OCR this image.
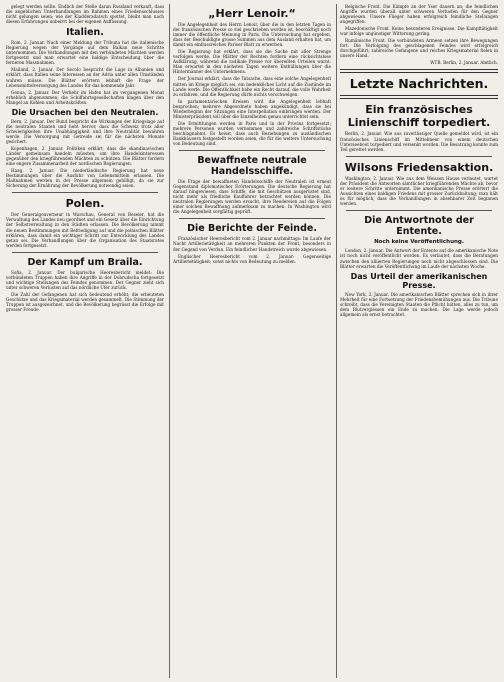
gelegt werden sollte. Endlich der Stelle daran Russland verkauft, dass die angeblichen Unterhandlungen im Rahmen eines Friedensschlusses nicht gelungen seien; wie der Kladderadatsch spottet, bleibt man nach diesen Erfahrungen unbeirrt bei der eigenen Auffassung.

Italien.

Rom, 2. Januar. Nach einer Meldung der Tribuna hat die italienische Regierung wegen der Vorgänge auf dem Balkan neue Schritte unternommen. Die Verhandlungen mit den verbündeten Mächten werden fortgesetzt und man erwartet eine baldige Entscheidung über die ferneren Massnahmen.

Mailand, 2. Januar. Der Secolo bespricht die Lage in Albanien und erklärt, dass Italien seine Interessen an der Adria unter allen Umständen wahren müsse. Die Blätter erörtern lebhaft die Frage der Lebensmittelversorgung des Landes für das kommende Jahr.

Genua, 2. Januar. Der Verkehr im Hafen hat im vergangenen Monat erheblich abgenommen; die Schiffahrtsgesellschaften klagen über den Mangel an Kohlen und Arbeitskräften.

Die Ursachen bei den Neutralen.

Bern, 2. Januar. Der Bund bespricht die Wirkungen der Kriegslage auf die neutralen Staaten und hebt hervor, dass die Schweiz trotz aller Schwierigkeiten ihre Unabhängigkeit und ihre Neutralität bewahren werde. Die Versorgung mit Getreide sei für die nächsten Monate gesichert.

Kopenhagen, 2. Januar. Politiken erklärt, dass die skandinavischen Länder gemeinsam handeln müssten, um ihre Handelsinteressen gegenüber den kriegführenden Mächten zu schützen. Die Blätter fordern eine engere Zusammenarbeit der nordischen Regierungen.

Haag, 2. Januar. Die niederländische Regierung hat neue Bestimmungen über die Ausfuhr von Lebensmitteln erlassen. Die Maßnahmen werden in der Presse allgemein gebilligt, da sie zur Sicherung der Ernährung der Bevölkerung notwendig seien.

Polen.

Der Generalgouverneur in Warschau, General von Beseler, hat die Verwaltung des Landes neu geordnet und ein Gesetz über die Einrichtung der Selbstverwaltung in den Städten erlassen. Die Bevölkerung nimmt die neuen Bestimmungen mit Befriedigung auf und die polnischen Blätter erklären, dass damit ein wichtiger Schritt zur Entwicklung des Landes getan sei. Die Verhandlungen über die Organisation des Staatsrates werden fortgesetzt.

Der Kampf um Braila.

Sofia, 2. Januar. Der bulgarische Heeresbericht meldet: Die verbündeten Truppen haben ihre Angriffe in der Dobrudscha fortgesetzt und wichtige Stellungen des Feindes genommen. Der Gegner zieht sich unter schweren Verlusten auf das nördliche Ufer zurück.

Die Zahl der Gefangenen hat sich bedeutend erhöht; die erbeuteten Geschütze und das Kriegsmaterial werden gesammelt. Die Stimmung der Truppen ist ausgezeichnet, und die Bevölkerung begrüsst die Erfolge mit grosser Freude.

„Herr Lenoir.“

Die Angelegenheit des Herrn Lenoir, über die in den letzten Tagen in der französischen Presse so viel geschrieben worden ist, beschäftigt noch immer die öffentliche Meinung in Paris. Die Untersuchung hat ergeben, dass der Beschuldigte grosse Summen aus dem Ausland erhalten hat, um damit ein einflussreiches Pariser Blatt zu erwerben.

Die Regierung hat erklärt, dass sie die Sache mit aller Strenge verfolgen werde. Die Blätter der Rechten fordern eine rücksichtslose Aufklärung, während die radikale Presse vor übereilten Urteilen warnt. Man erwartet in den nächsten Tagen weitere Enthüllungen über die Hintermänner des Unternehmens.

Der Journal erklärt, dass die Tatsache, dass eine solche Angelegenheit mitten im Kriege möglich sei, ein bedenkliches Licht auf die Zustände im Lande werfe. Die Öffentlichkeit habe ein Recht darauf, die volle Wahrheit zu erfahren, und die Regierung dürfe nichts verschweigen.

In parlamentarischen Kreisen wird die Angelegenheit lebhaft besprochen; mehrere Abgeordnete haben angekündigt, dass sie bei Wiederbeginn der Sitzungen eine Interpellation einbringen werden. Der Ministerpräsident soll über die Einzelheiten genau unterrichtet sein.

Die Ermittlungen werden in Paris und in der Provinz fortgesetzt; mehrere Personen wurden vernommen und zahlreiche Schriftstücke beschlagnahmt. Es heisst, dass auch Beziehungen zu ausländischen Bankhäusern festgestellt worden seien, die für die weitere Untersuchung von Bedeutung sind.

Bewaffnete neutrale Handelsschiffe.

Die Frage der bewaffneten Handelsschiffe der Neutralen ist erneut Gegenstand diplomatischer Erörterungen. Die deutsche Regierung hat darauf hingewiesen, dass Schiffe, die mit Geschützen ausgerüstet sind, nicht mehr als friedliche Kauffahrer betrachtet werden können. Die neutralen Regierungen werden ersucht, ihre Reedereien auf die Folgen einer solchen Bewaffnung aufmerksam zu machen. In Washington wird die Angelegenheit sorgfältig geprüft.

Die Berichte der Feinde.

Französischer Heeresbericht vom 2. Januar nachmittags: Im Laufe der Nacht Artillerietätigkeit an mehreren Punkten der Front, besonders in der Gegend von Verdun. Ein feindlicher Handstreich wurde abgewiesen.

Englischer Heeresbericht vom 2. Januar: Gegenseitige Artillerietätigkeit; sonst nichts von Bedeutung zu melden.

Belgische Front. Die Kämpfe an der Yser dauern an; die feindlichen Angriffe wurden überall unter schweren Verlusten für den Gegner abgewiesen. Unsere Flieger haben erfolgreich feindliche Stellungen angegriffen.

Mazedonische Front. Keine besonderen Ereignisse. Die Kampftätigkeit war infolge ungünstiger Witterung gering.

Rumänische Front. Die verbündeten Armeen setzen ihre Bewegungen fort. Die Verfolgung des geschlagenen Feindes wird erfolgreich durchgeführt; zahlreiche Gefangene und reiches Kriegsmaterial fielen in unsere Hand.

WTB. Berlin, 2. Januar. Amtlich.
Letzte Nachrichten.
Ein französisches Linienschiff torpediert.

Berlin, 2. Januar. Wie aus zuverlässiger Quelle gemeldet wird, ist ein französisches Linienschiff im Mittelmeer von einem deutschen Unterseeboot torpediert und versenkt worden. Die Besatzung konnte zum Teil gerettet werden.

Wilsons Friedensaktion.

Washington, 2. Januar. Wie aus dem Weissen Hause verlautet, wartet der Präsident die Antworten sämtlicher kriegführenden Mächte ab, bevor er weitere Schritte unternimmt. Die amerikanische Presse erörtert die Aussichten eines baldigen Friedens mit grosser Zurückhaltung; man hält es für möglich, dass die Verhandlungen in absehbarer Zeit beginnen werden.

Die Antwortnote der Entente.
Noch keine Veröffentlichung.

London, 2. Januar. Die Antwort der Entente auf die amerikanische Note ist noch nicht veröffentlicht worden. Es verlautet, dass die Beratungen zwischen den alliierten Regierungen noch nicht abgeschlossen sind. Die Blätter erwarten die Veröffentlichung im Laufe der nächsten Woche.

Das Urteil der amerikanischen Presse.

New York, 2. Januar. Die amerikanischen Blätter sprechen sich in ihrer Mehrheit für eine Fortsetzung der Friedensbemühungen aus. Die Tribune schreibt, dass die Vereinigten Staaten die Pflicht hätten, alles zu tun, um dem Blutvergiessen ein Ende zu machen. Die Lage werde jedoch allgemein als ernst betrachtet.
